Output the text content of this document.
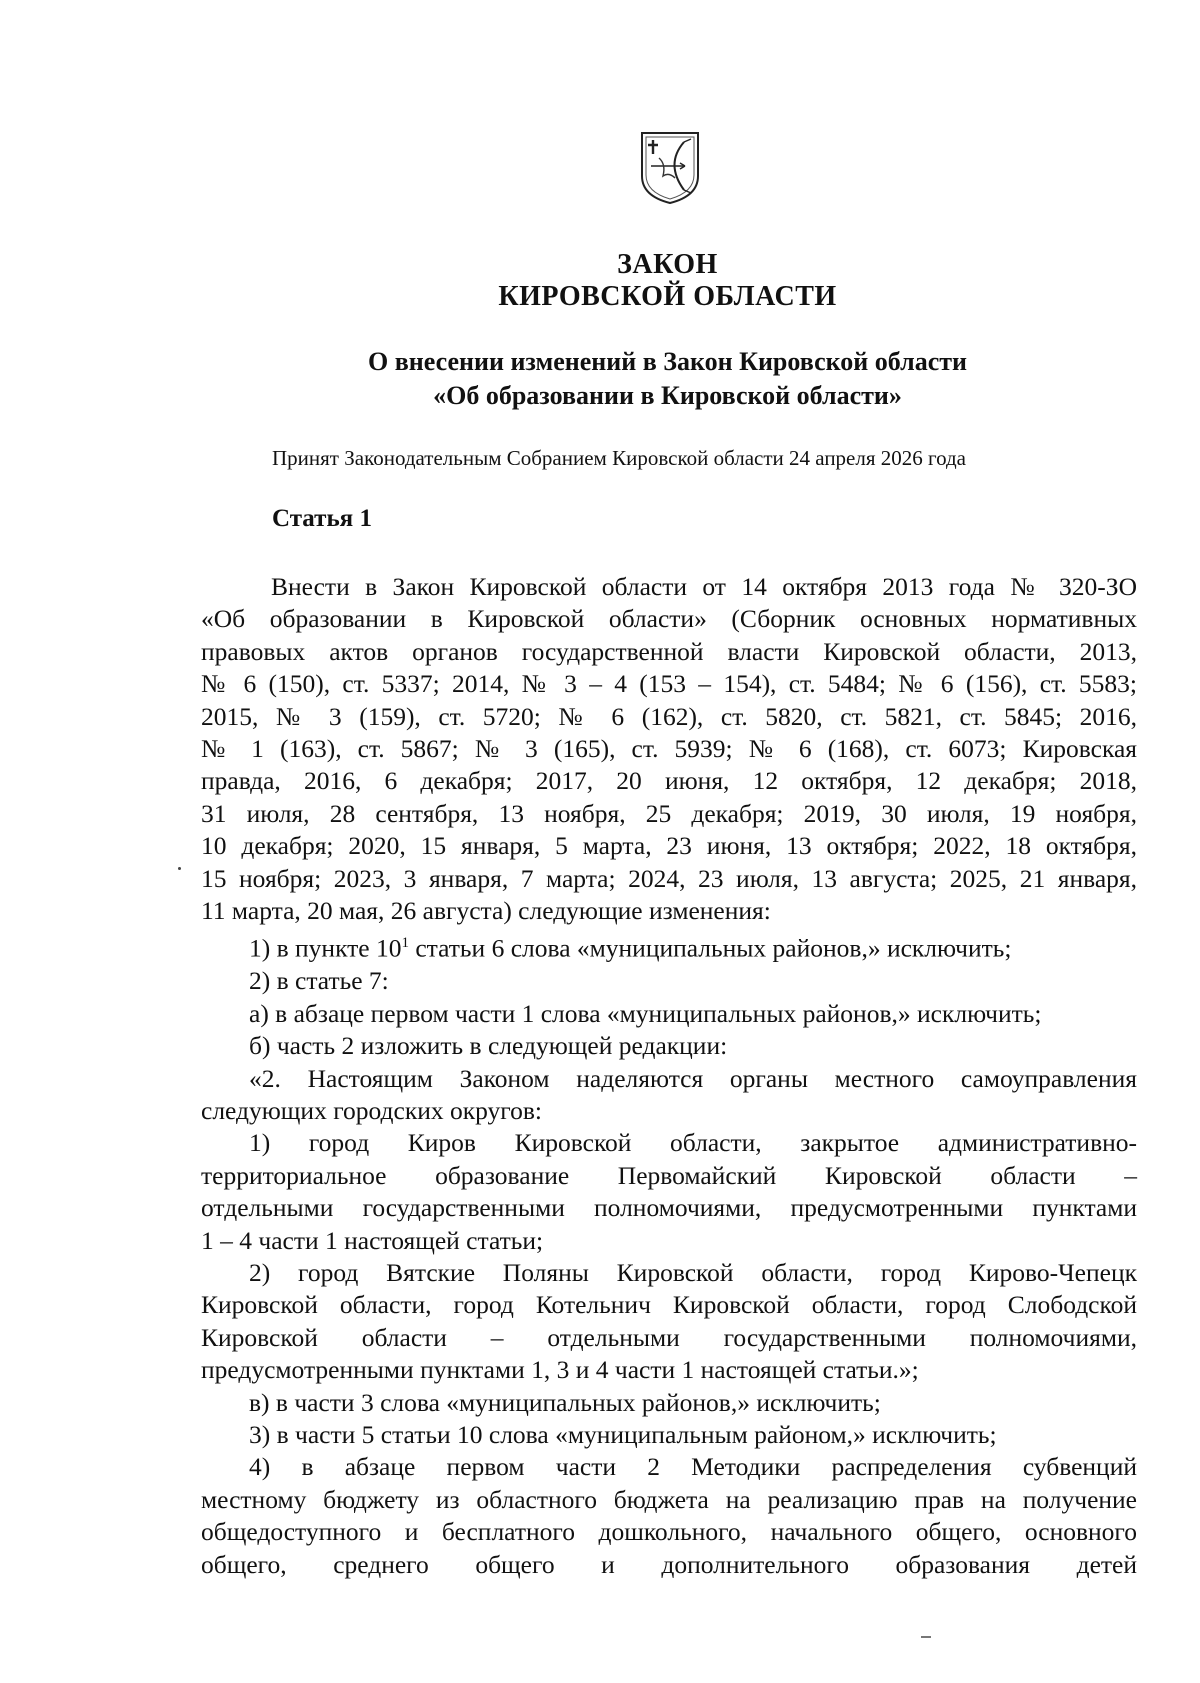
ЗАКОН
КИРОВСКОЙ ОБЛАСТИ
О внесении изменений в Закон Кировской области
«Об образовании в Кировской области»
Принят Законодательным Собранием Кировской области 24 апреля 2026 года
Статья 1

Внести в Закон Кировской области от 14 октября 2013 года № 320-ЗО

«Об образовании в Кировской области» (Сборник основных нормативных

правовых актов органов государственной власти Кировской области, 2013,

№ 6 (150), ст. 5337; 2014, № 3 – 4 (153 – 154), ст. 5484; № 6 (156), ст. 5583;

2015, № 3 (159), ст. 5720; № 6 (162), ст. 5820, ст. 5821, ст. 5845; 2016,

№ 1 (163), ст. 5867; № 3 (165), ст. 5939; № 6 (168), ст. 6073; Кировская

правда, 2016, 6 декабря; 2017, 20 июня, 12 октября, 12 декабря; 2018,

31 июля, 28 сентября, 13 ноября, 25 декабря; 2019, 30 июля, 19 ноября,

10 декабря; 2020, 15 января, 5 марта, 23 июня, 13 октября; 2022, 18 октября,

15 ноября; 2023, 3 января, 7 марта; 2024, 23 июля, 13 августа; 2025, 21 января,

11 марта, 20 мая, 26 августа) следующие изменения:

1) в пункте $10^1$ статьи 6 слова «муниципальных районов,» исключить;

2) в статье 7:

а) в абзаце первом части 1 слова «муниципальных районов,» исключить;

б) часть 2 изложить в следующей редакции:

«2. Настоящим Законом наделяются органы местного самоуправления

следующих городских округов:

1) город Киров Кировской области, закрытое административно-

территориальное образование Первомайский Кировской области –

отдельными государственными полномочиями, предусмотренными пунктами

1 – 4 части 1 настоящей статьи;

2) город Вятские Поляны Кировской области, город Кирово-Чепецк

Кировской области, город Котельнич Кировской области, город Слободской

Кировской области – отдельными государственными полномочиями,

предусмотренными пунктами 1, 3 и 4 части 1 настоящей статьи.»;

в) в части 3 слова «муниципальных районов,» исключить;

3) в части 5 статьи 10 слова «муниципальным районом,» исключить;

4) в абзаце первом части 2 Методики распределения субвенций

местному бюджету из областного бюджета на реализацию прав на получение

общедоступного и бесплатного дошкольного, начального общего, основного

общего, среднего общего и дополнительного образования детей
